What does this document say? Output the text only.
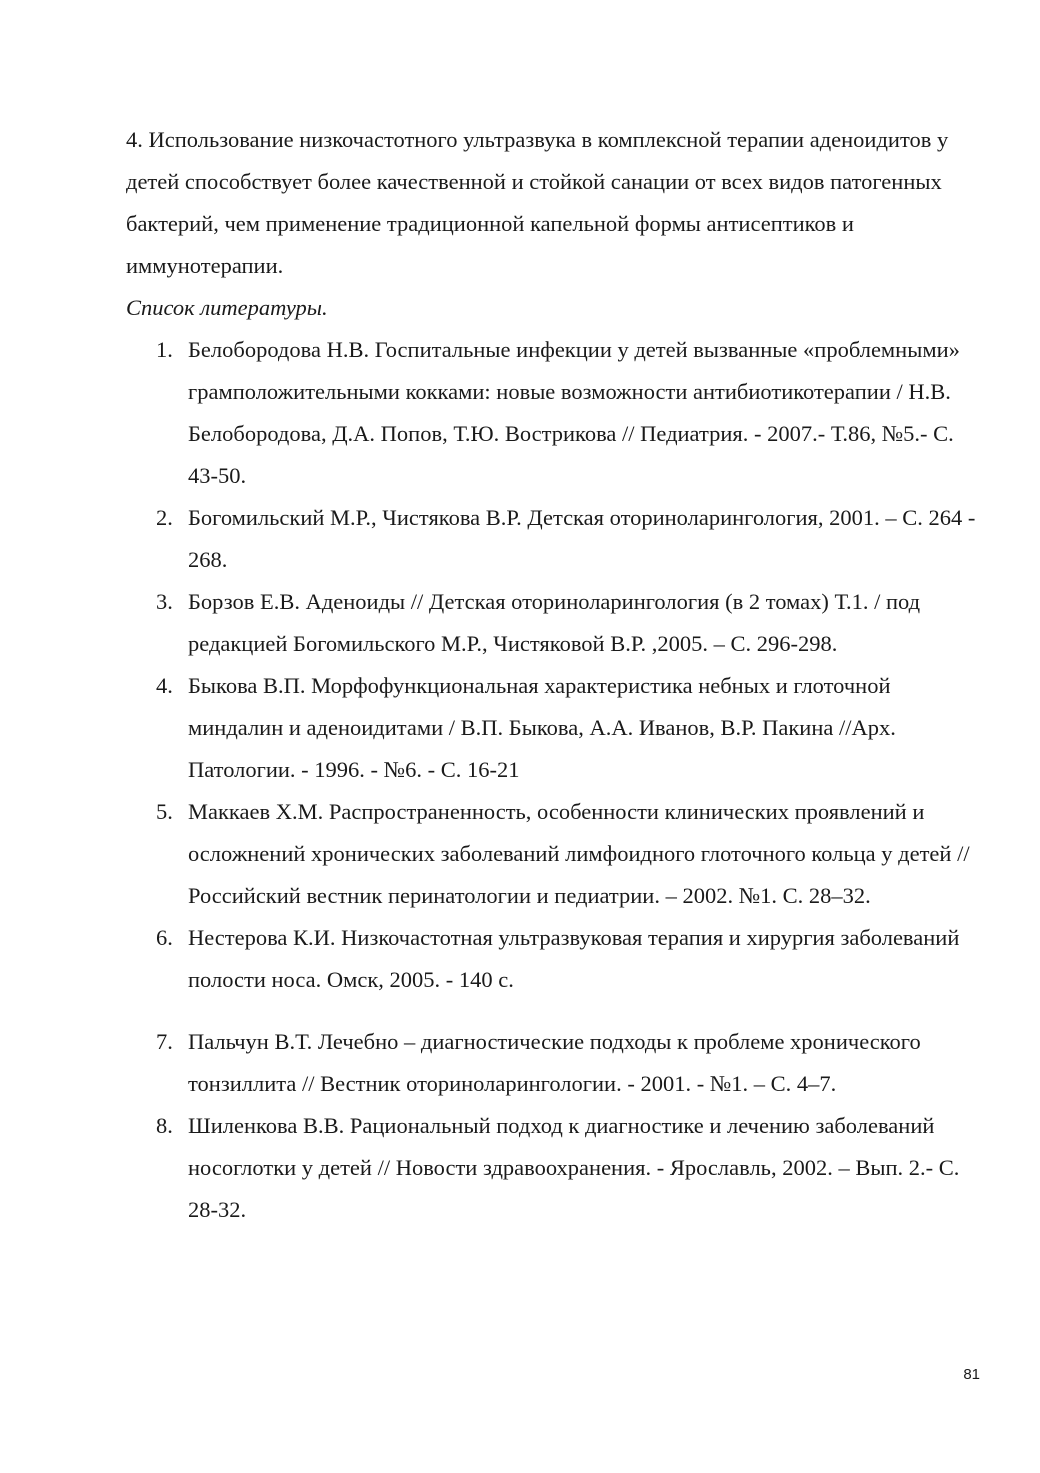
4. Использование низкочастотного ультразвука в комплексной терапии аденоидитов у детей способствует более качественной и стойкой санации от всех видов патогенных бактерий, чем применение традиционной капельной формы антисептиков и иммунотерапии.

Список литературы.

1. Белобородова Н.В. Госпитальные инфекции у детей вызванные «проблемными» грамположительными кокками: новые возможности антибиотикотерапии / Н.В. Белобородова, Д.А. Попов, Т.Ю. Вострикова // Педиатрия. - 2007.- Т.86, №5.- С. 43-50.
2. Богомильский М.Р., Чистякова В.Р. Детская оториноларингология, 2001. – С. 264 - 268.
3. Борзов Е.В. Аденоиды // Детская оториноларингология (в 2 томах) Т.1. / под редакцией Богомильского М.Р., Чистяковой В.Р. ,2005. – С. 296-298.
4. Быкова В.П. Морфофункциональная характеристика небных и глоточной миндалин и аденоидитами / В.П. Быкова, А.А. Иванов, В.Р. Пакина //Арх. Патологии. - 1996. - №6. - С. 16-21
5. Маккаев Х.М. Распространенность, особенности клинических проявлений и осложнений хронических заболеваний лимфоидного глоточного кольца у детей // Российский вестник перинатологии и педиатрии. – 2002. №1. С. 28–32.
6. Нестерова К.И. Низкочастотная ультразвуковая терапия и хирургия заболеваний полости носа. Омск, 2005. - 140 с.
7. Пальчун В.Т. Лечебно – диагностические подходы к проблеме хронического тонзиллита // Вестник оториноларингологии. - 2001. - №1. – С. 4–7.
8. Шиленкова В.В. Рациональный подход к диагностике и лечению заболеваний носоглотки у детей // Новости здравоохранения. - Ярославль, 2002. – Вып. 2.- С. 28-32.
81
